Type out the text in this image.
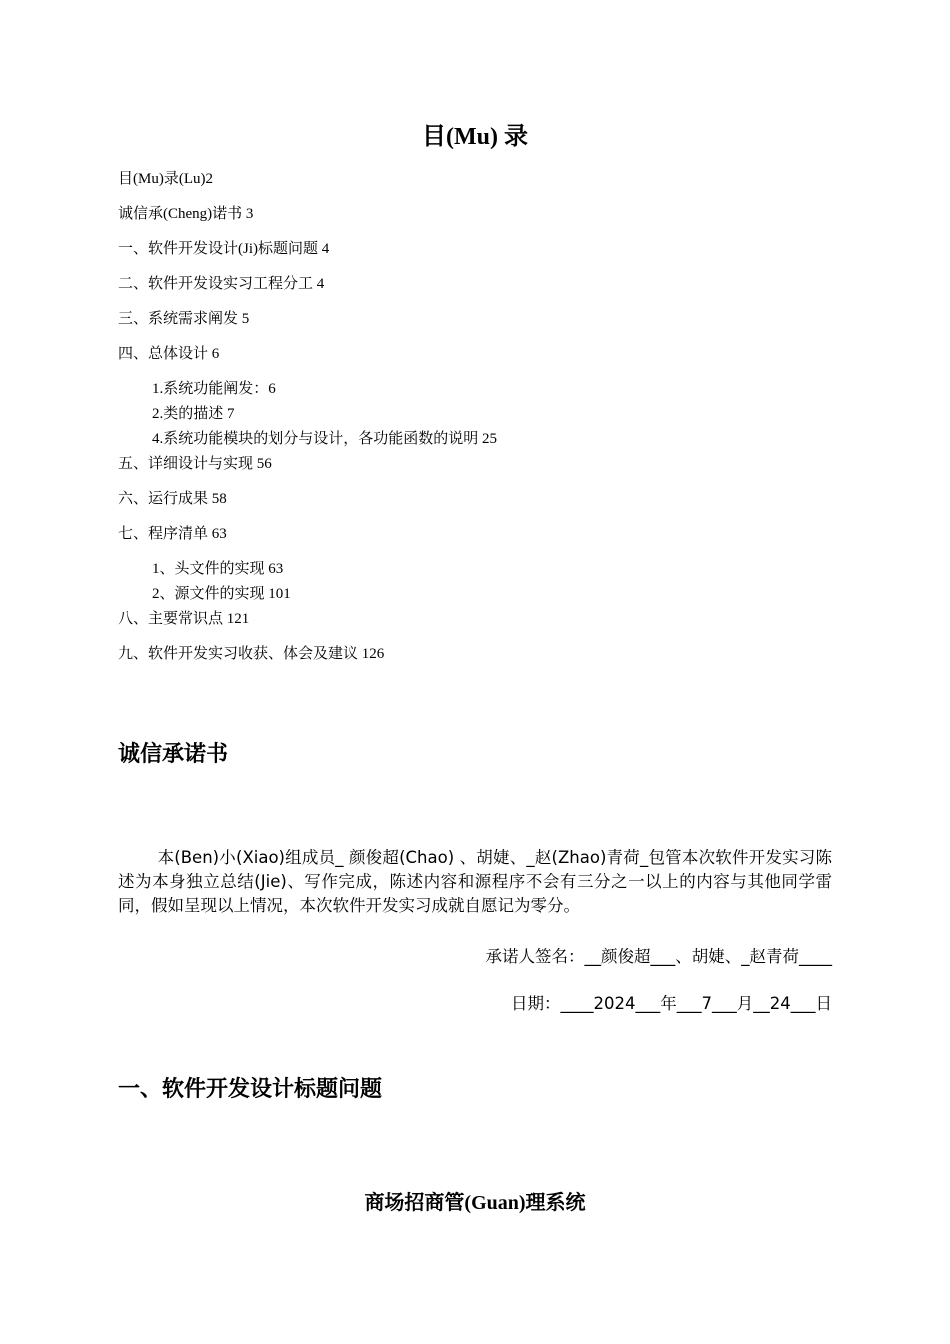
目(Mu) 录
目(Mu)录(Lu)2
诚信承(Cheng)诺书 3
一、软件开发设计(Ji)标题问题 4
二、软件开发设实习工程分工 4
三、系统需求阐发 5
四、总体设计 6
1.系统功能阐发：6
2.类的描述 7
4.系统功能模块的划分与设计，各功能函数的说明 25
五、详细设计与实现 56
六、运行成果 58
七、程序清单 63
1、头文件的实现 63
2、源文件的实现 101
八、主要常识点 121
九、软件开发实习收获、体会及建议 126
诚信承诺书
本(Ben)小(Xiao)组成员_ 颜俊超(Chao) 、胡婕、_赵(Zhao)青荷_包管本次软件开发实习陈述为本身独立总结(Jie)、写作完成，陈述内容和源程序不会有三分之一以上的内容与其他同学雷同，假如呈现以上情况，本次软件开发实习成就自愿记为零分。
承诺人签名：__颜俊超___、胡婕、_赵青荷____
日期：____2024___年___7___月__24___日
一、软件开发设计标题问题
商场招商管(Guan)理系统
